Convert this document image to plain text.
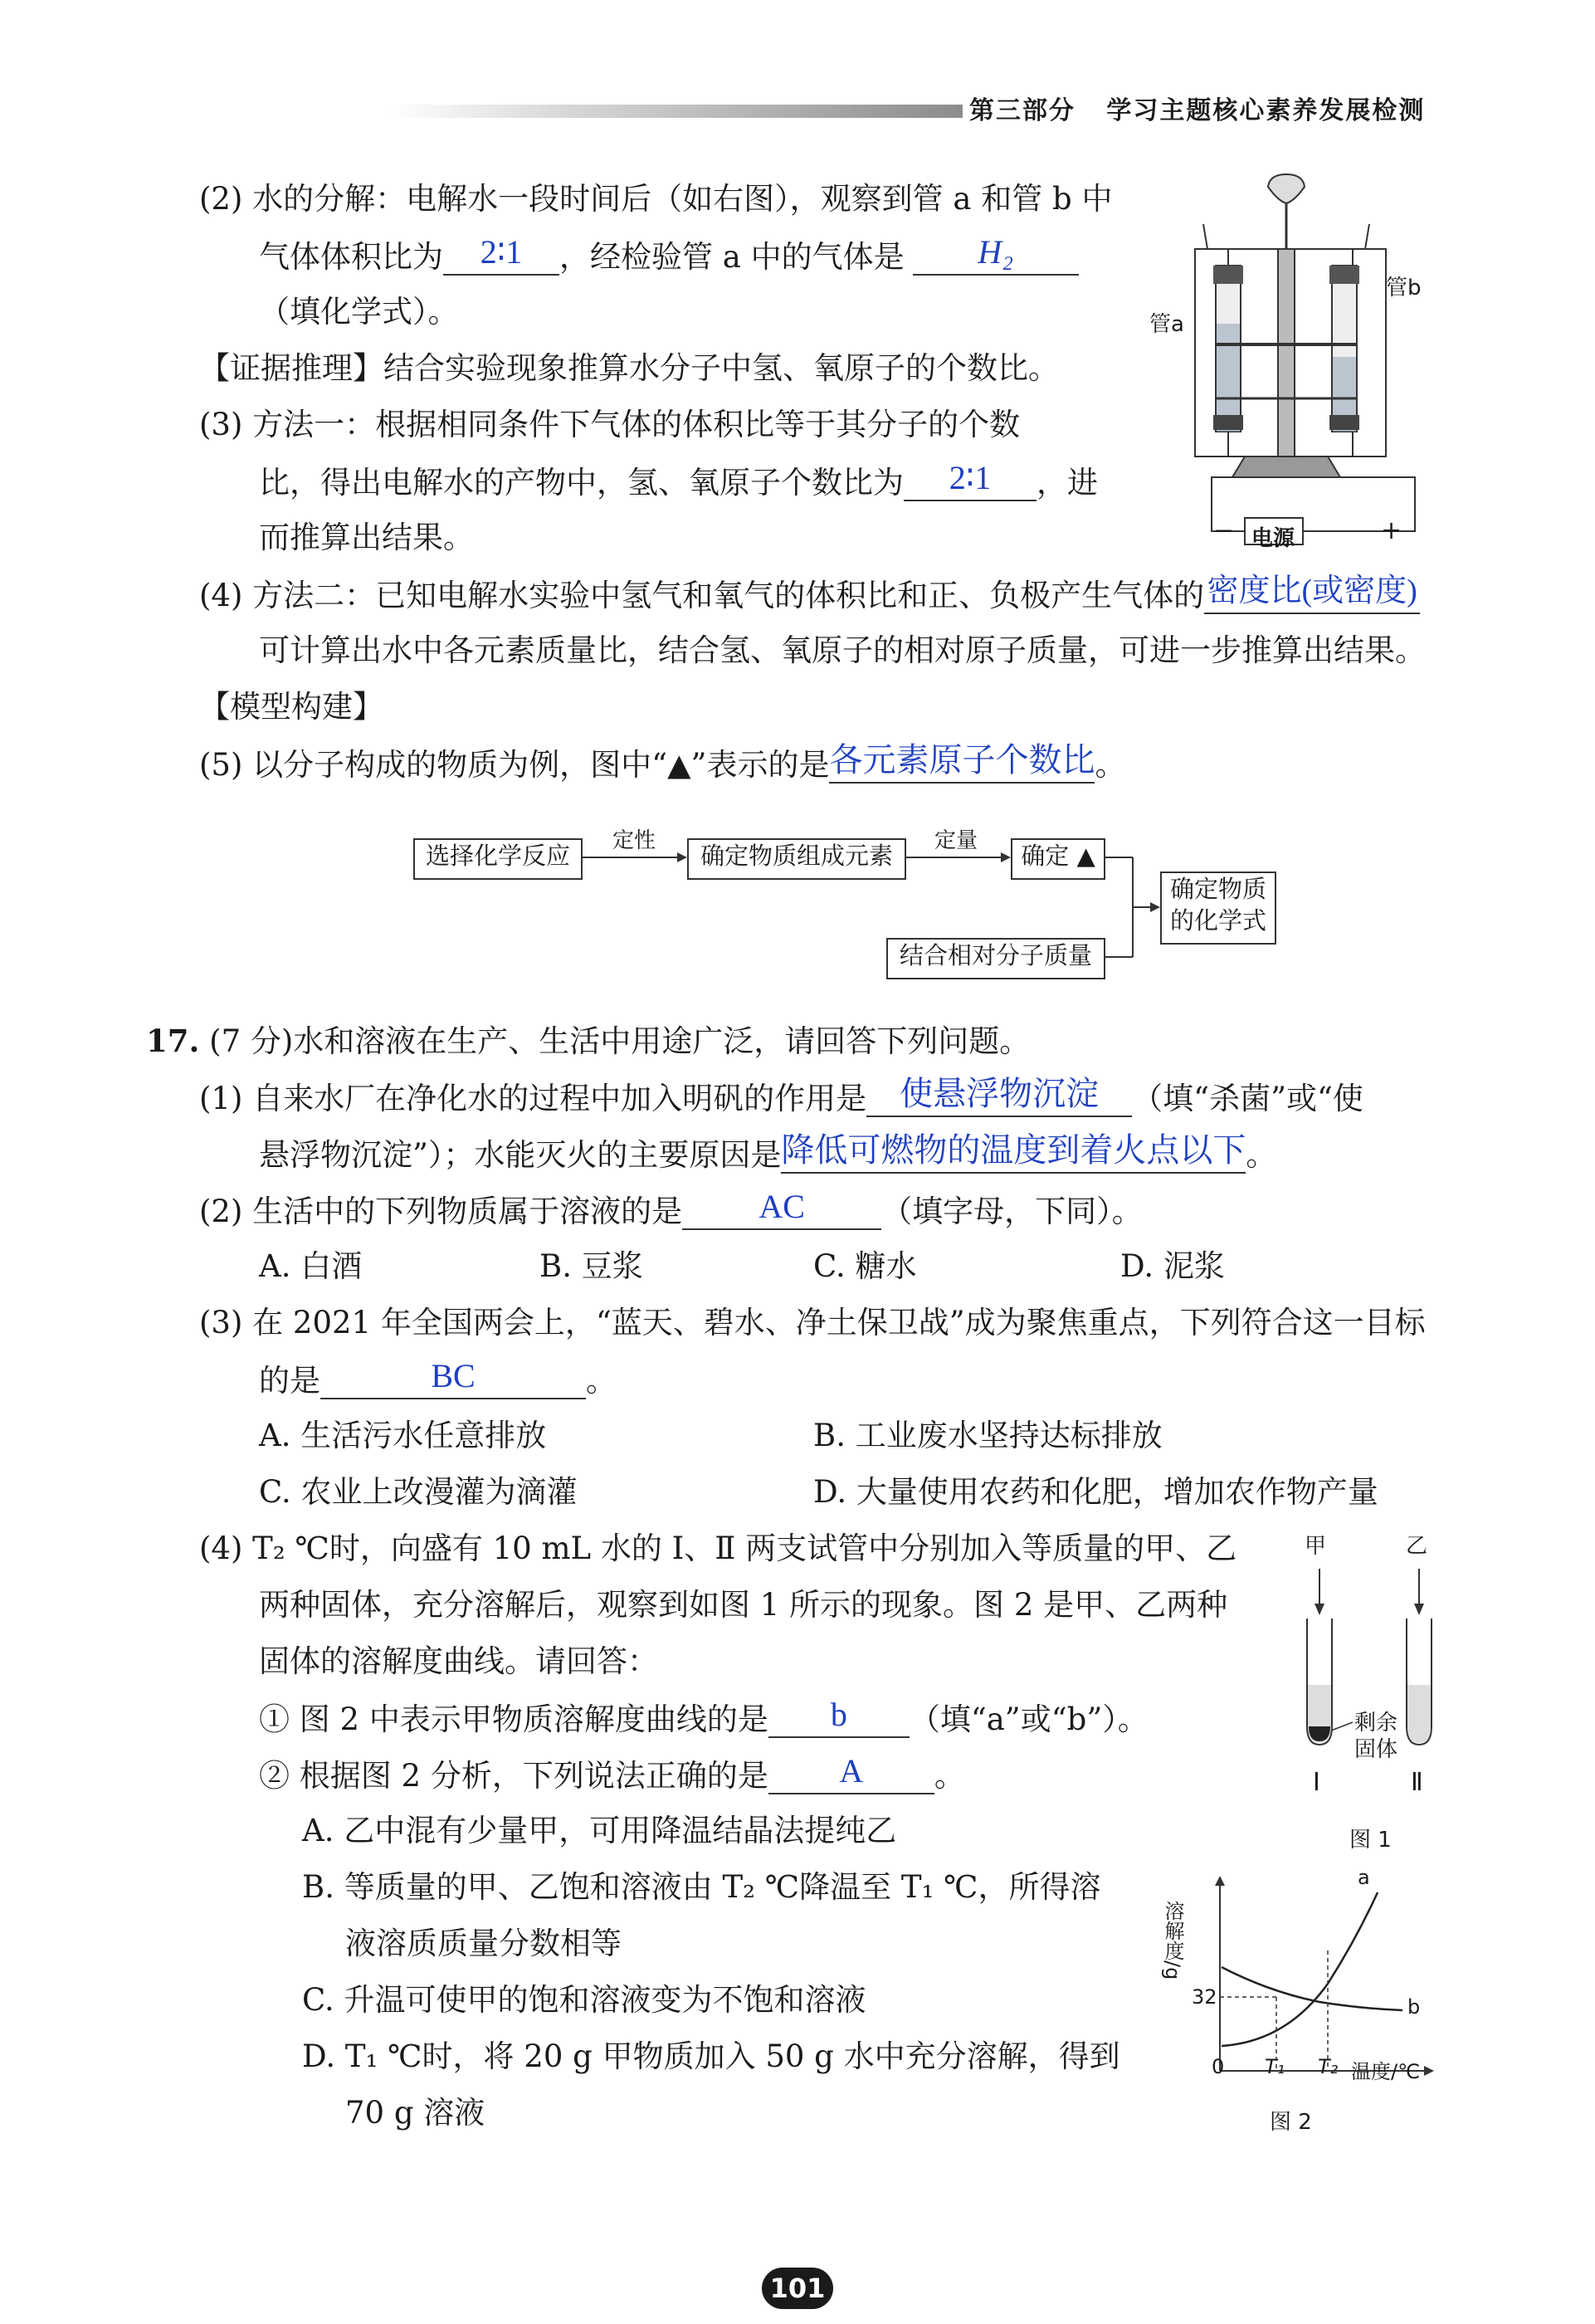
第三部分 学习主题核心素养发展检测
(2) 水的分解：电解水一段时间后（如右图），观察到管 a 和管 b 中
气体体积比为	2∶1	，经检验管 a 中的气体是	H₂
（填化学式）。
【证据推理】结合实验现象推算水分子中氢、氧原子的个数比。
(3) 方法一：根据相同条件下气体的体积比等于其分子的个数
比，得出电解水的产物中，氢、氧原子个数比为	2∶1	，进
而推算出结果。
(4) 方法二：已知电解水实验中氢气和氧气的体积比和正、负极产生气体的 密度比(或密度)
可计算出水中各元素质量比，结合氢、氧原子的相对原子质量，可进一步推算出结果。
【模型构建】
(5) 以分子构成的物质为例，图中“▲”表示的是 各元素原子个数比 。
管a
管b
电源
−	+
选择化学反应	确定物质组成元素	确定 ▲
结合相对分子质量
确定物质
的化学式
定性	定量
17. (7 分)水和溶液在生产、生活中用途广泛，请回答下列问题。
(1) 自来水厂在净化水的过程中加入明矾的作用是	使悬浮物沉淀	（填“杀菌”或“使
悬浮物沉淀”）；水能灭火的主要原因是 降低可燃物的温度到着火点以下 。
(2) 生活中的下列物质属于溶液的是	AC	（填字母，下同）。
A. 白酒	B. 豆浆	C. 糖水	D. 泥浆
(3) 在 2021 年全国两会上，“蓝天、碧水、净土保卫战”成为聚焦重点，下列符合这一目标
的是	BC	。
A. 生活污水任意排放	B. 工业废水坚持达标排放
C. 农业上改漫灌为滴灌	D. 大量使用农药和化肥，增加农作物产量
(4) T₂ ℃时，向盛有 10 mL 水的 Ⅰ、Ⅱ 两支试管中分别加入等质量的甲、乙
两种固体，充分溶解后，观察到如图 1 所示的现象。图 2 是甲、乙两种
固体的溶解度曲线。请回答：
① 图 2 中表示甲物质溶解度曲线的是	b	（填“a”或“b”）。
② 根据图 2 分析，下列说法正确的是	A	。
A. 乙中混有少量甲，可用降温结晶法提纯乙
B. 等质量的甲、乙饱和溶液由 T₂ ℃降温至 T₁ ℃，所得溶
液溶质质量分数相等
C. 升温可使甲的饱和溶液变为不饱和溶液
D. T₁ ℃时，将 20 g 甲物质加入 50 g 水中充分溶解，得到
70 g 溶液
甲	乙
剩余
固体
Ⅰ	Ⅱ
图 1
溶解度/g
32
0 T₁ T₂ 温度/℃
a
b
图 2
101
